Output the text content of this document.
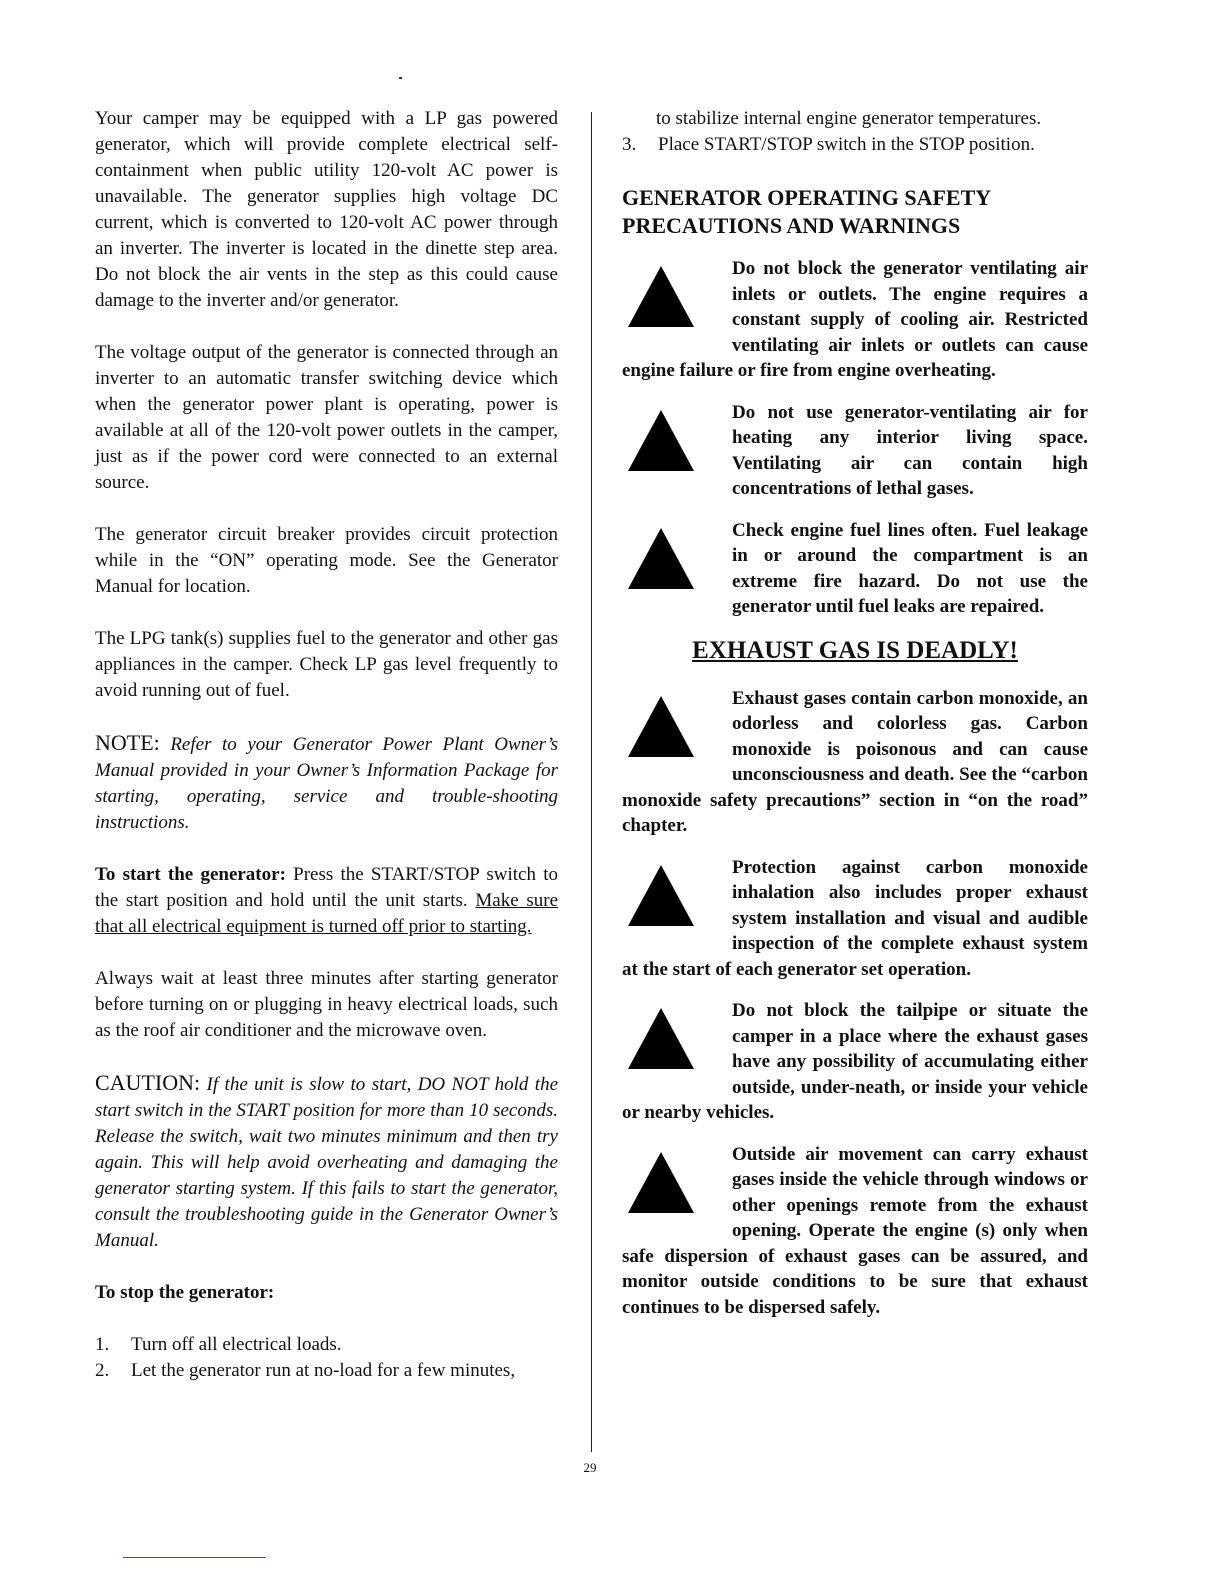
Your camper may be equipped with a LP gas powered generator, which will provide complete electrical self-containment when public utility 120-volt AC power is unavailable. The generator supplies high voltage DC current, which is converted to 120-volt AC power through an inverter. The inverter is located in the dinette step area. Do not block the air vents in the step as this could cause damage to the inverter and/or generator.

The voltage output of the generator is connected through an inverter to an automatic transfer switching device which when the generator power plant is operating, power is available at all of the 120-volt power outlets in the camper, just as if the power cord were connected to an external source.

The generator circuit breaker provides circuit protection while in the “ON” operating mode. See the Generator Manual for location.

The LPG tank(s) supplies fuel to the generator and other gas appliances in the camper. Check LP gas level frequently to avoid running out of fuel.

NOTE: Refer to your Generator Power Plant Owner’s Manual provided in your Owner’s Information Package for starting, operating, service and trouble-shooting instructions.

To start the generator: Press the START/STOP switch to the start position and hold until the unit starts. Make sure that all electrical equipment is turned off prior to starting.

Always wait at least three minutes after starting generator before turning on or plugging in heavy electrical loads, such as the roof air conditioner and the microwave oven.

CAUTION: If the unit is slow to start, DO NOT hold the start switch in the START position for more than 10 seconds. Release the switch, wait two minutes minimum and then try again. This will help avoid overheating and damaging the generator starting system. If this fails to start the generator, consult the troubleshooting guide in the Generator Owner’s Manual.

To stop the generator:

1.	Turn off all electrical loads.
2.	Let the generator run at no-load for a few minutes,
to stabilize internal engine generator temperatures.
3.	Place START/STOP switch in the STOP position.
GENERATOR OPERATING SAFETY PRECAUTIONS AND WARNINGS
Do not block the generator ventilating air inlets or outlets. The engine requires a constant supply of cooling air. Restricted ventilating air inlets or outlets can cause engine failure or fire from engine overheating.
Do not use generator-ventilating air for heating any interior living space. Ventilating air can contain high concentrations of lethal gases.
Check engine fuel lines often. Fuel leakage in or around the compartment is an extreme fire hazard. Do not use the generator until fuel leaks are repaired.
EXHAUST GAS IS DEADLY!
Exhaust gases contain carbon monoxide, an odorless and colorless gas. Carbon monoxide is poisonous and can cause unconsciousness and death. See the “carbon monoxide safety precautions” section in “on the road” chapter.
Protection against carbon monoxide inhalation also includes proper exhaust system installation and visual and audible inspection of the complete exhaust system at the start of each generator set operation.
Do not block the tailpipe or situate the camper in a place where the exhaust gases have any possibility of accumulating either outside, under-neath, or inside your vehicle or nearby vehicles.
Outside air movement can carry exhaust gases inside the vehicle through windows or other openings remote from the exhaust opening. Operate the engine (s) only when safe dispersion of exhaust gases can be assured, and monitor outside conditions to be sure that exhaust continues to be dispersed safely.
29
